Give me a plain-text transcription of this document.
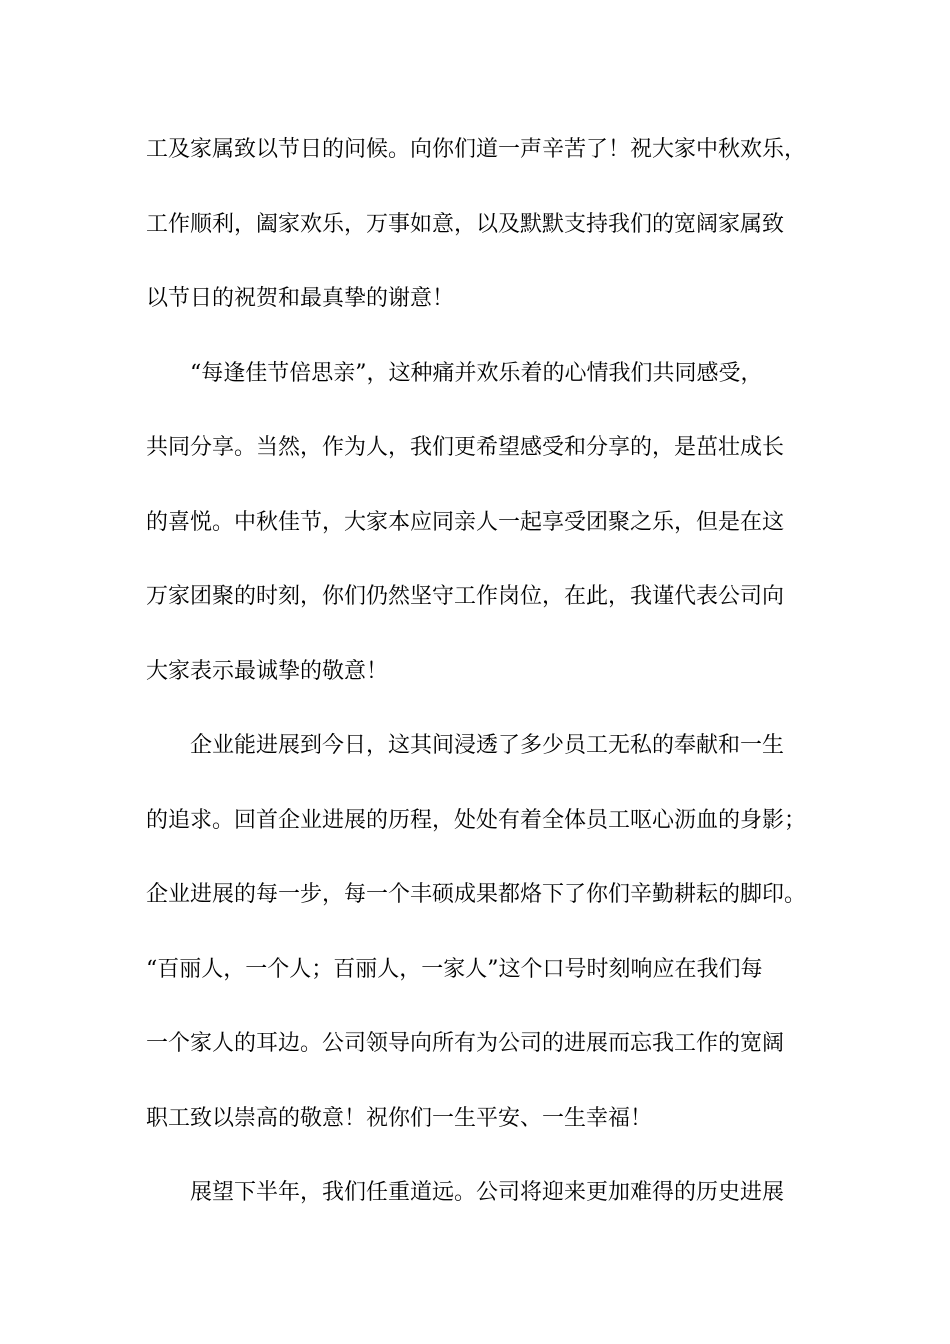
工及家属致以节日的问候。向你们道一声辛苦了！祝大家中秋欢乐，
工作顺利，阖家欢乐，万事如意，以及默默支持我们的宽阔家属致
以节日的祝贺和最真挚的谢意！
“每逢佳节倍思亲”，这种痛并欢乐着的心情我们共同感受，
共同分享。当然，作为人，我们更希望感受和分享的，是茁壮成长
的喜悦。中秋佳节，大家本应同亲人一起享受团聚之乐，但是在这
万家团聚的时刻，你们仍然坚守工作岗位，在此，我谨代表公司向
大家表示最诚挚的敬意！
企业能进展到今日，这其间浸透了多少员工无私的奉献和一生
的追求。回首企业进展的历程，处处有着全体员工呕心沥血的身影；
企业进展的每一步，每一个丰硕成果都烙下了你们辛勤耕耘的脚印。
“百丽人，一个人；百丽人，一家人”这个口号时刻响应在我们每
一个家人的耳边。公司领导向所有为公司的进展而忘我工作的宽阔
职工致以崇高的敬意！祝你们一生平安、一生幸福！
展望下半年，我们任重道远。公司将迎来更加难得的历史进展
